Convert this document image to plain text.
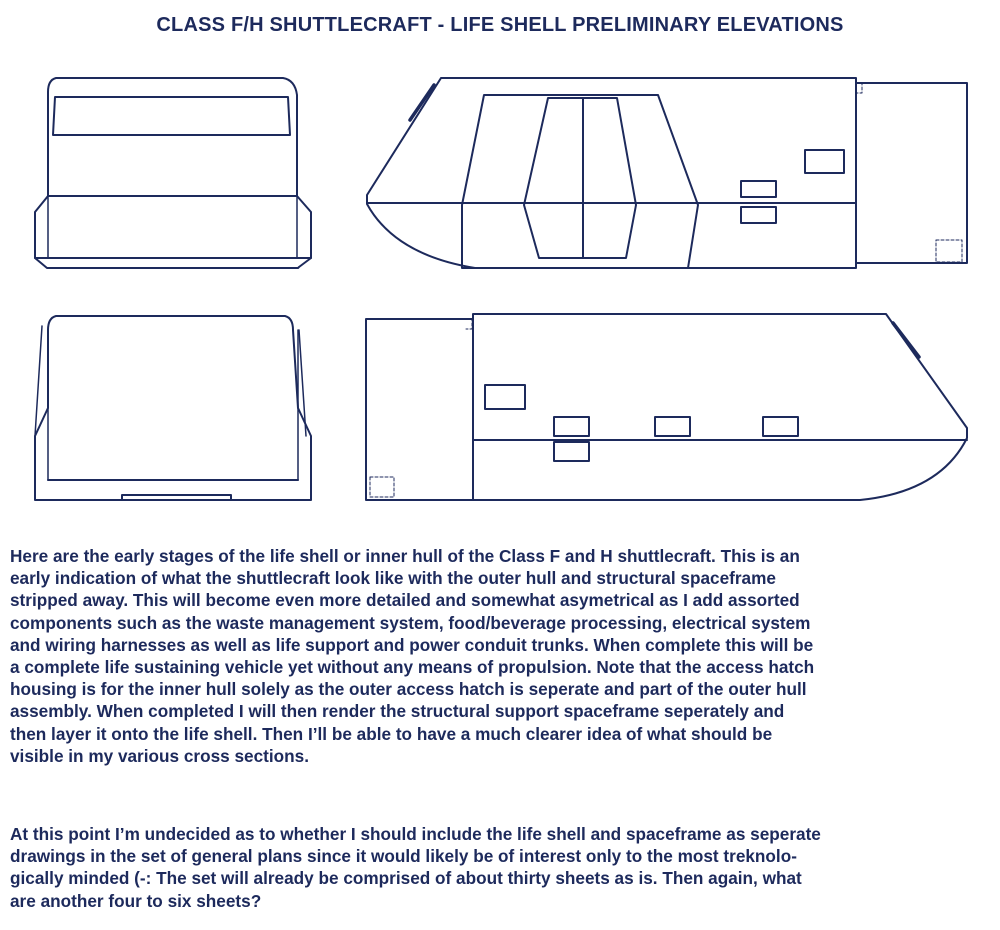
CLASS F/H SHUTTLECRAFT - LIFE SHELL PRELIMINARY ELEVATIONS

Here are the early stages of the life shell or inner hull of the Class F and H shuttlecraft. This is an
early indication of what the shuttlecraft look like with the outer hull and structural spaceframe
stripped away. This will become even more detailed and somewhat asymetrical as I add assorted
components such as the waste management system, food/beverage processing, electrical system
and wiring harnesses as well as life support and power conduit trunks. When complete this will be
a complete life sustaining vehicle yet without any means of propulsion. Note that the access hatch
housing is for the inner hull solely as the outer access hatch is seperate and part of the outer hull
assembly. When completed I will then render the structural support spaceframe seperately and
then layer it onto the life shell. Then I’ll be able to have a much clearer idea of what should be
visible in my various cross sections.

At this point I’m undecided as to whether I should include the life shell and spaceframe as seperate
drawings in the set of general plans since it would likely be of interest only to the most treknolo-
gically minded (-: The set will already be comprised of about thirty sheets as is. Then again, what
are another four to six sheets?
